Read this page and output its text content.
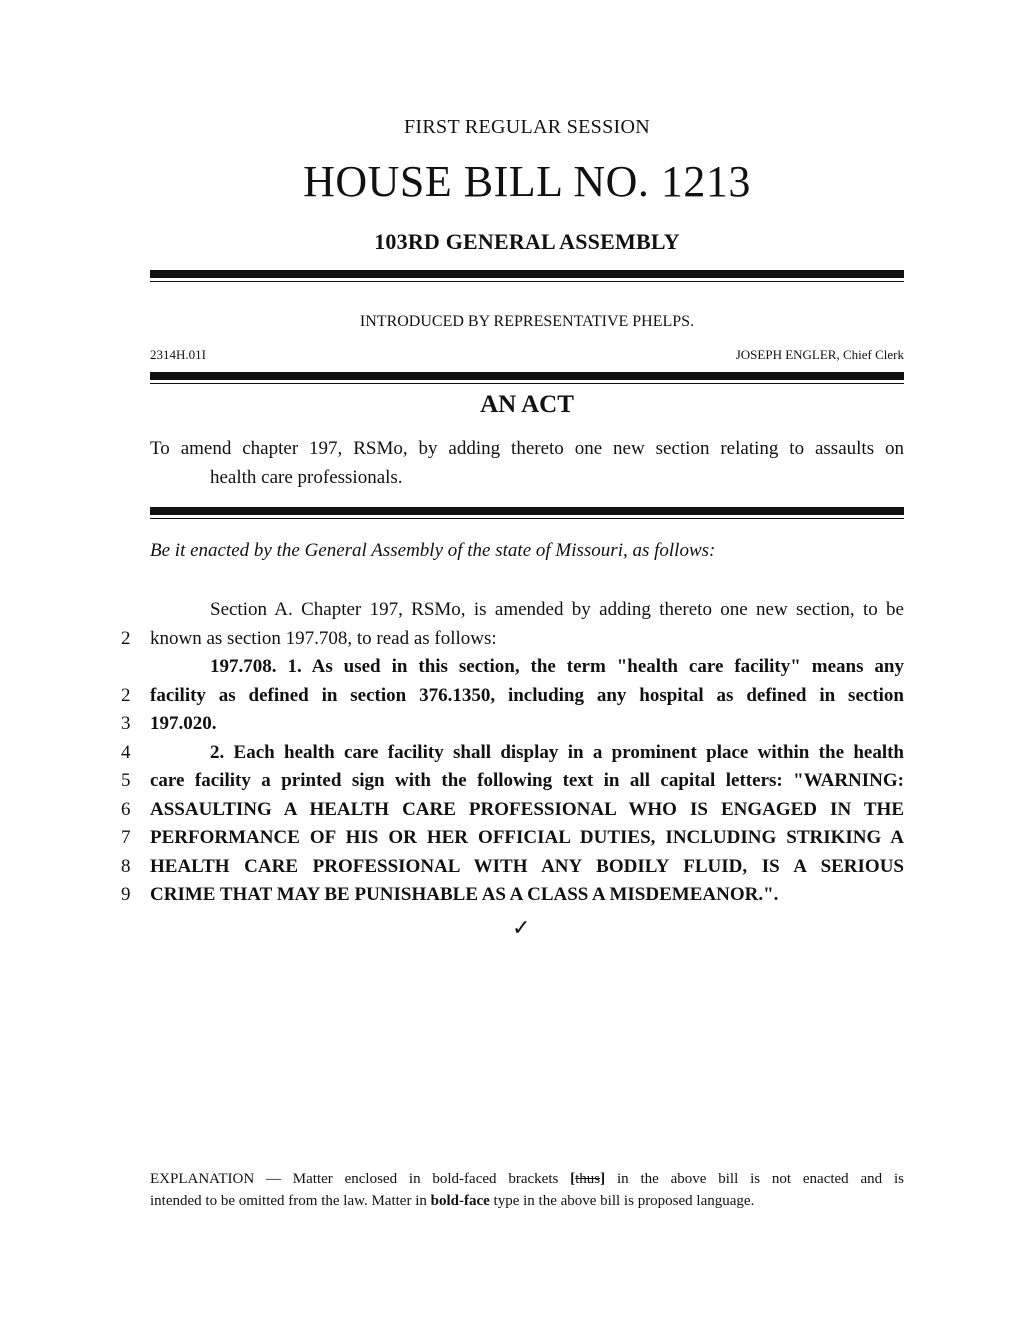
FIRST REGULAR SESSION
HOUSE BILL NO. 1213
103RD GENERAL ASSEMBLY
INTRODUCED BY REPRESENTATIVE PHELPS.
2314H.01I	JOSEPH ENGLER, Chief Clerk
AN ACT
To amend chapter 197, RSMo, by adding thereto one new section relating to assaults on
health care professionals.
Be it enacted by the General Assembly of the state of Missouri, as follows:
Section A. Chapter 197, RSMo, is amended by adding thereto one new section, to be
2	known as section 197.708, to read as follows:
197.708. 1. As used in this section, the term "health care facility" means any
2	facility as defined in section 376.1350, including any hospital as defined in section
3	197.020.
4	2. Each health care facility shall display in a prominent place within the health
5	care facility a printed sign with the following text in all capital letters: "WARNING:
6	ASSAULTING A HEALTH CARE PROFESSIONAL WHO IS ENGAGED IN THE
7	PERFORMANCE OF HIS OR HER OFFICIAL DUTIES, INCLUDING STRIKING A
8	HEALTH CARE PROFESSIONAL WITH ANY BODILY FLUID, IS A SERIOUS
9	CRIME THAT MAY BE PUNISHABLE AS A CLASS A MISDEMEANOR.".
✓
EXPLANATION — Matter enclosed in bold-faced brackets [thus] in the above bill is not enacted and is
intended to be omitted from the law. Matter in bold-face type in the above bill is proposed language.
